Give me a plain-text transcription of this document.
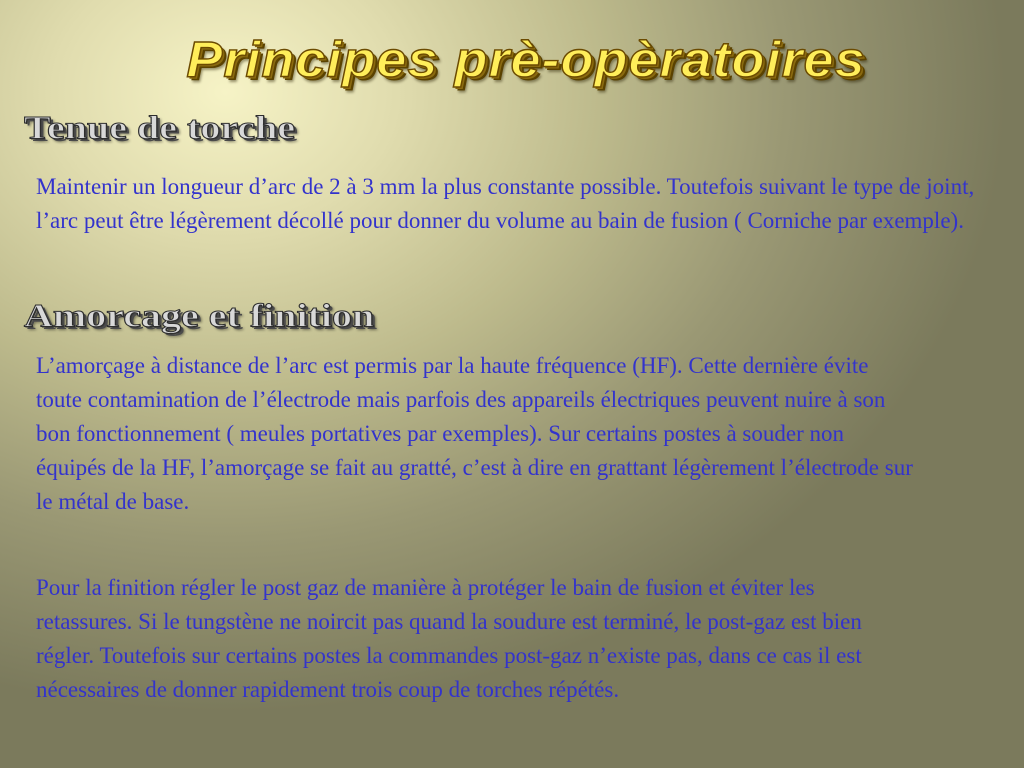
Principes prè-opèratoires
Tenue de torche

Maintenir un longueur d’arc de 2 à 3 mm la plus constante possible. Toutefois suivant le type de joint, l’arc peut être légèrement décollé pour donner du volume au bain de fusion ( Corniche par exemple).

Amorcage et finition

L’amorçage à distance de l’arc est permis par la haute fréquence (HF). Cette dernière évite toute contamination de l’électrode mais parfois des appareils électriques peuvent nuire à son bon fonctionnement ( meules portatives par exemples). Sur certains postes à souder non équipés de la HF, l’amorçage se fait au gratté, c’est à dire en grattant légèrement l’électrode sur le métal de base.

Pour la finition régler le post gaz de manière à protéger le bain de fusion et éviter les retassures. Si le tungstène ne noircit pas quand la soudure est terminé, le post-gaz est bien régler. Toutefois sur certains postes la commandes post-gaz n’existe pas, dans ce cas il est nécessaires de donner rapidement trois coup de torches répétés.
